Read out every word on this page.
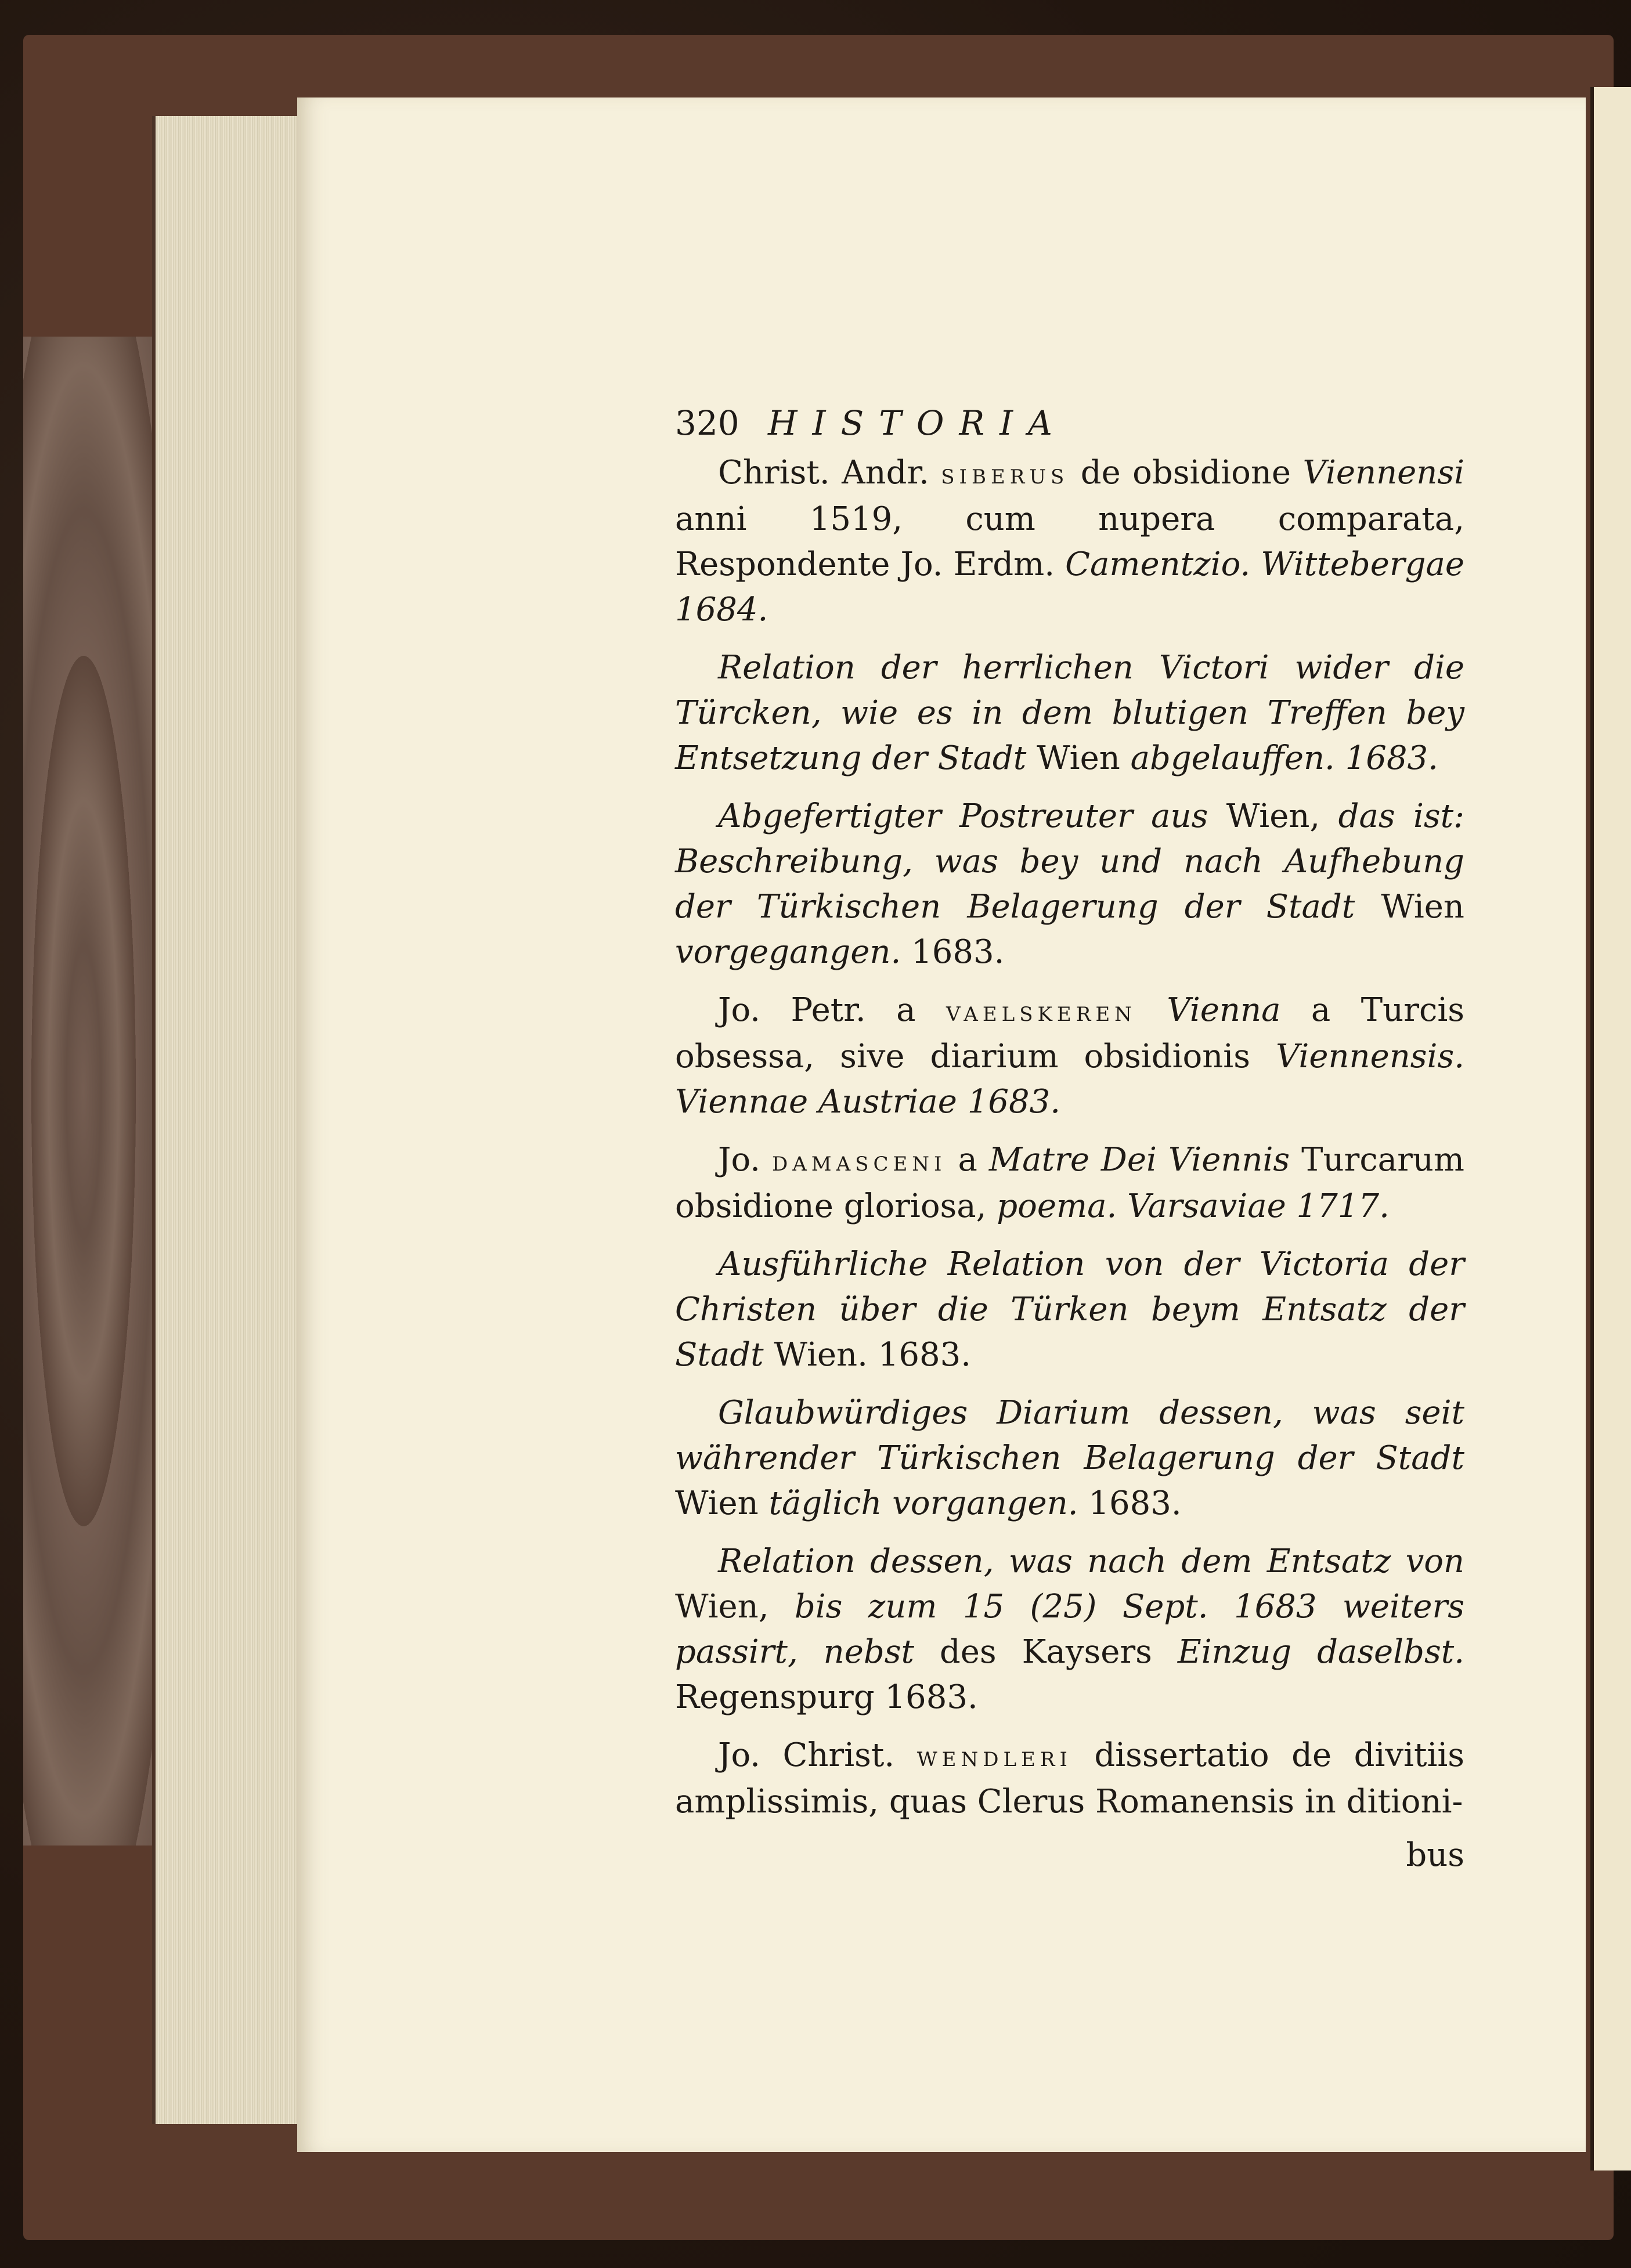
320 HISTORIA

Christ. Andr. siberus de obsidione Viennensi anni 1519, cum nupera comparata, Respondente Jo. Erdm. Camentzio. Wittebergae 1684.

Relation der herrlichen Victori wider die Türcken, wie es in dem blutigen Treffen bey Entsetzung der Stadt Wien abgelauffen. 1683.

Abgefertigter Postreuter aus Wien, das ist: Beschreibung, was bey und nach Aufhebung der Türkischen Belagerung der Stadt Wien vorgegangen. 1683.

Jo. Petr. a vaelskeren Vienna a Turcis obsessa, sive diarium obsidionis Viennensis. Viennae Austriae 1683.

Jo. damasceni a Matre Dei Viennis Turcarum obsidione gloriosa, poema. Varsaviae 1717.

Ausführliche Relation von der Victoria der Christen über die Türken beym Entsatz der Stadt Wien. 1683.

Glaubwürdiges Diarium dessen, was seit währender Türkischen Belagerung der Stadt Wien täglich vorgangen. 1683.

Relation dessen, was nach dem Entsatz von Wien, bis zum 15 (25) Sept. 1683 weiters passirt, nebst des Kaysers Einzug daselbst. Regenspurg 1683.

Jo. Christ. wendleri dissertatio de divitiis amplissimis, quas Clerus Romanensis in ditioni-

bus
